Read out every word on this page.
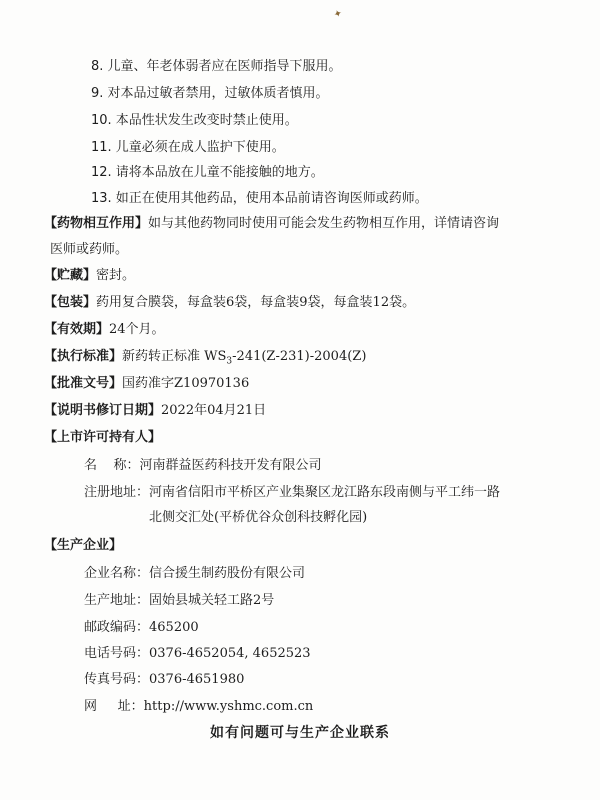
✦
8. 儿童、年老体弱者应在医师指导下服用。
9. 对本品过敏者禁用，过敏体质者慎用。
10. 本品性状发生改变时禁止使用。
11. 儿童必须在成人监护下使用。
12. 请将本品放在儿童不能接触的地方。
13. 如正在使用其他药品，使用本品前请咨询医师或药师。
【药物相互作用】如与其他药物同时使用可能会发生药物相互作用，详情请咨询
医师或药师。
【贮藏】密封。
【包装】药用复合膜袋，每盒装6袋，每盒装9袋，每盒装12袋。
【有效期】24个月。
【执行标准】新药转正标准 $WS_3-241(Z-231)-2004(Z)$
【批准文号】国药准字Z10970136
【说明书修订日期】2022年04月21日
【上市许可持有人】
名    称：河南群益医药科技开发有限公司
注册地址：河南省信阳市平桥区产业集聚区龙江路东段南侧与平工纬一路
北侧交汇处(平桥优谷众创科技孵化园)
【生产企业】
企业名称：信合援生制药股份有限公司
生产地址：固始县城关轻工路2号
邮政编码：465200
电话号码：0376-4652054, 4652523
传真号码：0376-4651980
网     址：http://www.yshmc.com.cn
如有问题可与生产企业联系
